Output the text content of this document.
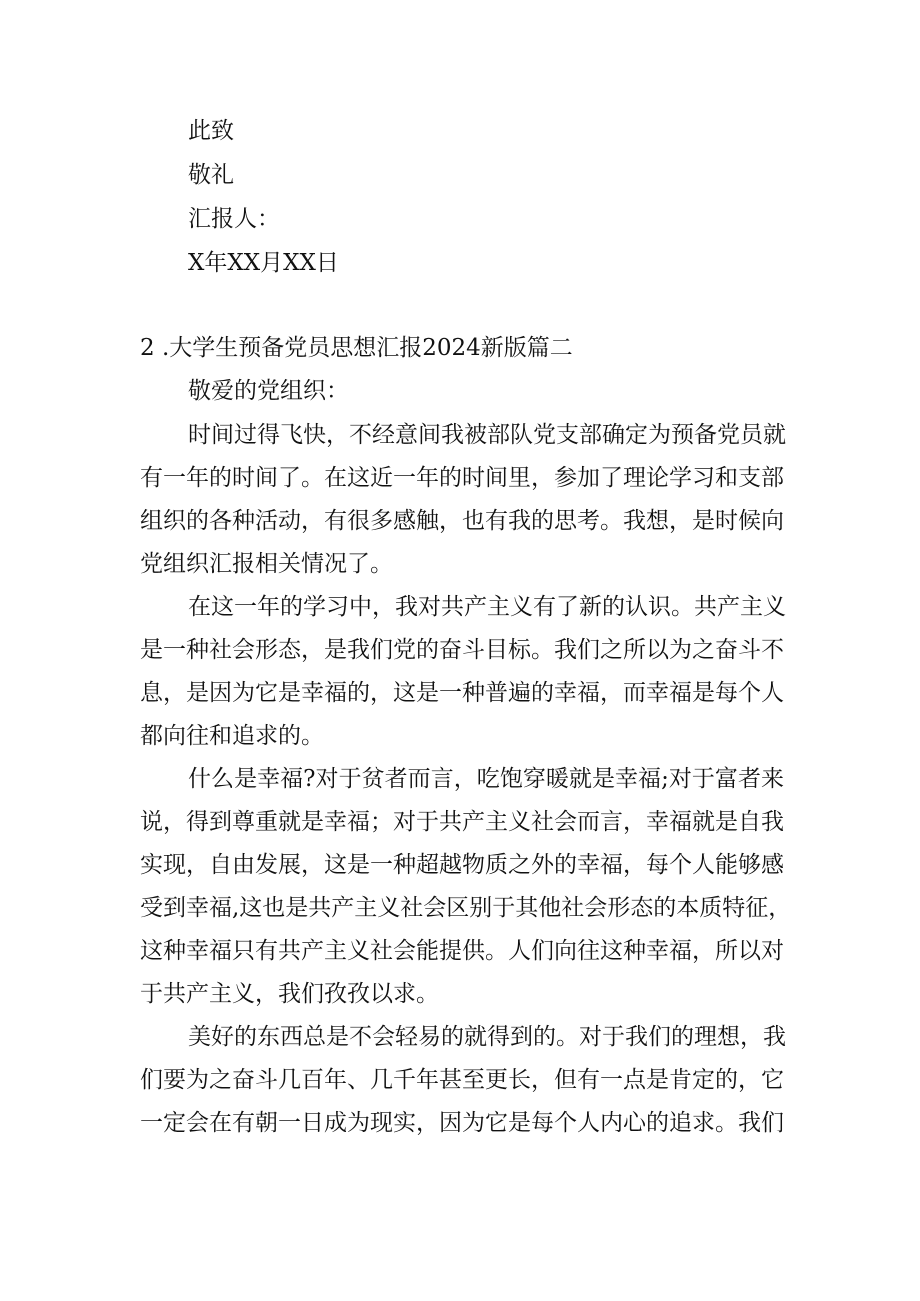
此致
敬礼
汇报人：
X年XX月XX日
2 .大学生预备党员思想汇报2024新版篇二
敬爱的党组织：
时间过得飞快，不经意间我被部队党支部确定为预备党员就
有一年的时间了。在这近一年的时间里，参加了理论学习和支部
组织的各种活动，有很多感触，也有我的思考。我想，是时候向
党组织汇报相关情况了。
在这一年的学习中，我对共产主义有了新的认识。共产主义
是一种社会形态，是我们党的奋斗目标。我们之所以为之奋斗不
息，是因为它是幸福的，这是一种普遍的幸福，而幸福是每个人
都向往和追求的。
什么是幸福?对于贫者而言，吃饱穿暖就是幸福;对于富者来
说，得到尊重就是幸福；对于共产主义社会而言，幸福就是自我
实现，自由发展，这是一种超越物质之外的幸福，每个人能够感
受到幸福,这也是共产主义社会区别于其他社会形态的本质特征，
这种幸福只有共产主义社会能提供。人们向往这种幸福，所以对
于共产主义，我们孜孜以求。
美好的东西总是不会轻易的就得到的。对于我们的理想，我
们要为之奋斗几百年、几千年甚至更长，但有一点是肯定的，它
一定会在有朝一日成为现实，因为它是每个人内心的追求。我们
